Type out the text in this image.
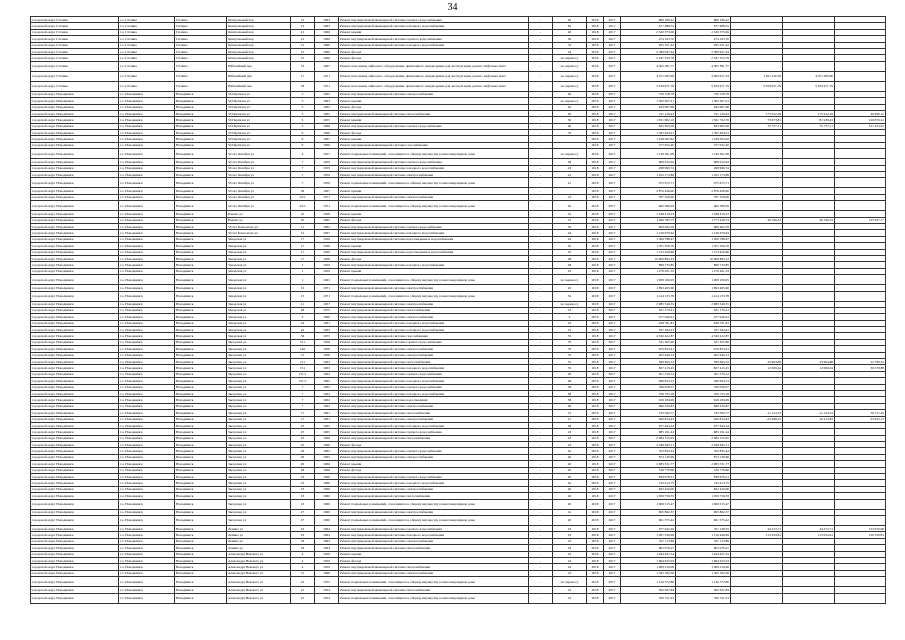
34
городской округ Гатчина	г.о. Гатчина	Гатчина	Центральный пер	13	1963	Ремонт внутридомовой инженерной системы горячего водоснабжения	-	62	2018	2017	869 186,42	869 186,42			
городской округ Гатчина	г.о. Гатчина	Гатчина	Центральный пер	13	1963	Ремонт внутридомовой инженерной системы холодного водоснабжения	-	62	2018	2017	677 688,55	677 688,55			
городской округ Гатчина	г.о. Гатчина	Гатчина	Центральный пер	21	1966	Ремонт крыши	-	46	2018	2017	2 320 373,00	2 320 373,00			
городской округ Гатчина	г.о. Гатчина	Гатчина	Центральный пер	21	1966	Ремонт внутридомовой инженерной системы горячего водоснабжения	-	50	2018	2017	474 193,70	474 193,70			
городской округ Гатчина	г.о. Гатчина	Гатчина	Центральный пер	21	1969	Ремонт внутридомовой инженерной системы холодного водоснабжения	-	33	2018	2017	295 321,42	295 321,42			
городской округ Гатчина	г.о. Гатчина	Гатчина	Центральный пер	21	1966	Ремонт фасада	-	44	2018	2017	2 389 947,24	2 389 947,24			
городской округ Гатчина	г.о. Гатчина	Гатчина	Центральный пер	21	1966	Ремонт фасада	-	по переносу	2018	2017	2 187 335,78	2 187 335,78			
городской округ Гатчина	г.о. Гатчина	Гатчина	Юбилейный пер	13	1967	Ремонт или замена лифтового оборудования, признанного непригодным для эксплуатации, ремонт лифтовых шахт	-	по переносу	2018	2017	4 305 381,77	4 305 381,77			
городской округ Гатчина	г.о. Гатчина	Гатчина	Юбилейный пер	17	1971	Ремонт или замена лифтового оборудования, признанного непригодным для эксплуатации, ремонт лифтовых шахт	-	по переносу	2018	2017	4 071 285,90	3 064 617,54	1 021 220,36	4 071 285,90	
городской округ Гатчина	г.о. Гатчина	Гатчина	Юбилейный пер	18	1971	Ремонт или замена лифтового оборудования, признанного непригодным для эксплуатации, ремонт лифтовых шахт	-	по переносу	2018	2017	5 619 971,79	5 619 971,79	5 619 971,79	5 619 971,79	
городской округ Новодвинск	г.о. Новодвинск	Новодвинск	50 Партизан ул	3	1965	Ремонт внутридомовой инженерной системы электроснабжения	-	40	2018	2017	756 128,78	756 128,78			
городской округ Новодвинск	г.о. Новодвинск	Новодвинск	50 Партизан ул	5	1963	Ремонт крыши	-	по переносу	2018	2017	1 502 207,21	1 502 207,21			
городской округ Новодвинск	г.о. Новодвинск	Новодвинск	50 Партизан ул	5	1965	Ремонт фасада	-	40	2018	2017	943 087,66	943 087,66			
городской округ Новодвинск	г.о. Новодвинск	Новодвинск	50 Партизан ул	5	1965	Ремонт внутридомовой инженерной системы теплоснабжения	-	40	2018	2017	741 129,43	741 129,43	175 612,29	175 612,29	49 996,15
городской округ Новодвинск	г.о. Новодвинск	Новодвинск	50 Партизан ул	5	1955	Ремонт крыши	-	50	2018	2017	1 051 902,16	1 501 752,76	79 673,81	81 930,43	129 876,21
городской округ Новодвинск	г.о. Новодвинск	Новодвинск	50 Партизан ул	5	1968	Ремонт внутридомовой инженерной системы горячего водоснабжения	-	40	2018	2017	845 963,56	845 963,56	55 757,11	55 757,11	121 453,61
городской округ Новодвинск	г.о. Новодвинск	Новодвинск	50 Партизан ул	9	1966	Ремонт фасада	-	70	2018	2017	1 395 494,01	1 395 494,01			
городской округ Новодвинск	г.о. Новодвинск	Новодвинск	50 Партизан ул	9	1967	Ремонт крыши	-		2018	2017	1 168 563,62	1 168 563,62			
городской округ Новодвинск	г.о. Новодвинск	Новодвинск	50 Партизан ул	9	1966	Ремонт внутридомовой инженерной системы газоснабжения	-		2018	2017	277 052,40	277 052,40			
городской округ Новодвинск	г.о. Новодвинск	Новодвинск	50 лет Октября ул	4	1957	Ремонт подвальных помещений, относящихся к общему имуществу в многоквартирном доме	-	по переносу	2018	2017	1 149 391,99	1 149 391,99			
городской округ Новодвинск	г.о. Новодвинск	Новодвинск	50 лет Октября ул	7	1959	Ремонт внутридомовой инженерной системы горячего водоснабжения	-	48	2018	2017	608 612,63	608 612,63			
городской округ Новодвинск	г.о. Новодвинск	Новодвинск	50 лет Октября ул	7	1959	Ремонт внутридомовой инженерной системы холодного водоснабжения	-	43	2018	2017	298 999,72	298 999,72			
городской округ Новодвинск	г.о. Новодвинск	Новодвинск	50 лет Октября ул	7	1959	Ремонт внутридомовой инженерной системы электроснабжения	-	41	2018	2017	1 252 173,89	1 252 173,89			
городской округ Новодвинск	г.о. Новодвинск	Новодвинск	50 лет Октября ул	7	1959	Ремонт подвальных помещений, относящихся к общему имуществу в многоквартирном доме	-	41	2018	2017	975 675,71	975 675,71			
городской округ Новодвинск	г.о. Новодвинск	Новодвинск	50 лет Октября ул	28	1967	Ремонт крыши	-		2018	2017	2 876 428,00	2 876 428,00			
городской округ Новодвинск	г.о. Новодвинск	Новодвинск	50 лет Октября ул	23/1	1971	Ремонт внутридомовой инженерной системы электроснабжения	-	23	2018	2017	787 329,00	787 329,00			
городской округ Новодвинск	г.о. Новодвинск	Новодвинск	50 лет Октября ул	23/1	1971	Ремонт подвальных помещений, относящихся к общему имуществу в многоквартирном доме	-	20	2018	2017	665 389,29	665 389,29			
городской округ Новодвинск	г.о. Новодвинск	Новодвинск	Бажова ул	10	1958	Ремонт крыши	-	22	2018	2017	1 548 419,23	1 548 419,23			
городской округ Новодвинск	г.о. Новодвинск	Новодвинск	Бажова ул	10	1965	Ремонт фасада	-	31	2018	2017	1 269 782,73	1 771 228,73	46 796,33	46 796,33	125 937,77
городской округ Новодвинск	г.о. Новодвинск	Новодвинск	50 лет Комсомола ул	11	1962	Ремонт внутридомовой инженерной системы горячего водоснабжения	-	30	2018	2017	906 462,59	906 462,59			
городской округ Новодвинск	г.о. Новодвинск	Новодвинск	50 лет Комсомола ул	31	1967	Ремонт внутридомовой инженерной системы холодного водоснабжения	-	44	2018	2017	1 136 679,64	1 136 679,64			
городской округ Новодвинск	г.о. Новодвинск	Новодвинск	Заводская ул	17	1936	Ремонт внутридомовой инженерной системы водоотведения и водоснабжения	-	44	2018	2017	1 306 788,47	1 306 788,47			
городской округ Новодвинск	г.о. Новодвинск	Новодвинск	Заводская ул	17	1936	Ремонт крыши	-	45	2018	2017	1 701 356,76	1 701 356,76			
городской округ Новодвинск	г.о. Новодвинск	Новодвинск	Заводская ул	17	1936	Ремонт внутридомовой инженерной системы водоотведения и водоснабжения	-	45	2018	2017	1 153 426,86	1 153 426,86			
городской округ Новодвинск	г.о. Новодвинск	Новодвинск	Заводская ул	17	1958	Ремонт фасада	-	48	2018	2017	10 609 895,23	10 609 895,23			
городской округ Новодвинск	г.о. Новодвинск	Новодвинск	Заводская ул	1	1959	Ремонт внутридомовой инженерной системы холодного водоснабжения	-	48	2018	2017	899 733,85	899 733,85			
городской округ Новодвинск	г.о. Новодвинск	Новодвинск	Заводская ул	1	1959	Ремонт крыши	-	45	2018	2017	1 279 201,33	1 279 201,33			
городской округ Новодвинск	г.о. Новодвинск	Новодвинск	Заводская ул	1	1963	Ремонт подвальных помещений, относящихся к общему имуществу в многоквартирном доме	-	по переносу	2018	2017	1 009 109,05	1 009 109,05			
городской округ Новодвинск	г.о. Новодвинск	Новодвинск	Заводская ул	15	1971	Ремонт внутридомовой инженерной системы электроснабжения	-	20	2018	2017	1 893 465,60	1 893 465,60			
городской округ Новодвинск	г.о. Новодвинск	Новодвинск	Заводская ул	15	1971	Ремонт подвальных помещений, относящихся к общему имуществу в многоквартирном доме	-	32	2018	2017	1 414 133,78	1 414 133,78			
городской округ Новодвинск	г.о. Новодвинск	Новодвинск	Заводская ул	11	1957	Ремонт внутридомовой инженерной системы электроснабжения	-	по переносу	2018	2017	2 985 549,35	2 985 549,35			
городской округ Новодвинск	г.о. Новодвинск	Новодвинск	Заводская ул	28	1975	Ремонт внутридомовой инженерной системы теплоснабжения	-	43	2018	2017	931 179,41	931 179,41			
городской округ Новодвинск	г.о. Новодвинск	Новодвинск	Заводская ул	2	1960	Ремонт внутридомовой инженерной системы электроснабжения	-	2	2018	2017	477 946,91	477 946,91			
городской округ Новодвинск	г.о. Новодвинск	Новодвинск	Заводская ул	24	1961	Ремонт внутридомовой инженерной системы холодного водоснабжения	-	43	2018	2017	638 791,81	638 791,81			
городской округ Новодвинск	г.о. Новодвинск	Новодвинск	Заводская ул	24	1963	Ремонт внутридомовой инженерной системы холодного водоснабжения	-	43	2018	2017	767 562,91	767 562,91			
городской округ Новодвинск	г.о. Новодвинск	Новодвинск	Заводская ул	36	1975	Ремонт внутридомовой инженерной системы газоснабжения	-	55	2018	2017	4 326 422,87	4 326 422,87			
городской округ Новодвинск	г.о. Новодвинск	Новодвинск	Звездочка ул	151	1958	Ремонт внутридомовой инженерной системы горячего водоснабжения	-	70	2018	2017	331 305,66	331 305,66			
городской округ Новодвинск	г.о. Новодвинск	Новодвинск	Звездочка ул	146	1958	Ремонт внутридомовой инженерной системы электроснабжения	-	70	2018	2017	670 853,41	670 853,41			
городской округ Новодвинск	г.о. Новодвинск	Новодвинск	Звездочка ул	15	1958	Ремонт внутридомовой инженерной системы электроснабжения	-	70	2018	2017	405 649,14	405 649,14			
городской округ Новодвинск	г.о. Новодвинск	Новодвинск	Звездочка ул	151	1963	Ремонт внутридомовой инженерной системы теплоснабжения	-	55	2018	2017	569 663,52	569 663,52	23 964,88	23 964,88	22 786,52
городской округ Новодвинск	г.о. Новодвинск	Новодвинск	Звездочка ул	151	1963	Ремонт внутридомовой инженерной системы холодного водоснабжения	-	55	2018	2017	827 415,45	827 415,45	12 069,24	12 069,24	36 278,88
городской округ Новодвинск	г.о. Новодвинск	Новодвинск	Звездочка ул	151/1	1962	Ремонт внутридомовой инженерной системы горячего водоснабжения	-	46	2018	2017	501 576,12	501 576,12			
городской округ Новодвинск	г.о. Новодвинск	Новодвинск	Звездочка ул	151/1	1962	Ремонт внутридомовой инженерной системы холодного водоснабжения	-	46	2018	2017	496 654,13	496 654,13			
городской округ Новодвинск	г.о. Новодвинск	Новодвинск	Звездочка ул	7	1962	Ремонт внутридомовой инженерной системы горячего водоснабжения	-	58	2018	2017	766 058,57	766 058,57			
городской округ Новодвинск	г.о. Новодвинск	Новодвинск	Звездочка ул	7	1962	Ремонт внутридомовой инженерной системы холодного водоснабжения	-	58	2018	2017	706 733,18	706 733,18			
городской округ Новодвинск	г.о. Новодвинск	Новодвинск	Звездочка ул	7	1962	Ремонт внутридомовой инженерной системы водоотведения	-	58	2018	2017	619 184,99	619 184,99			
городской округ Новодвинск	г.о. Новодвинск	Новодвинск	Звездочка ул	7	1962	Ремонт внутридомовой инженерной системы электроснабжения	-	46	2018	2017	690 256,87	690 256,87			
городской округ Новодвинск	г.о. Новодвинск	Новодвинск	Звездочка ул	17	1961	Ремонт внутридомовой инженерной системы теплоснабжения	-	51	2018	2017	743 592,77	743 592,77	-11 124,53	-11 124,53	30 311,29
городской округ Новодвинск	г.о. Новодвинск	Новодвинск	Звездочка ул	17	1961	Ремонт внутридомовой инженерной системы электроснабжения	-	41	2018	2017	620 814,43	620 814,43	-23 468,23	10 413,83	33 052,13
городской округ Новодвинск	г.о. Новодвинск	Новодвинск	Звездочка ул	25	1965	Ремонт внутридомовой инженерной системы холодного водоснабжения	-	48	2018	2017	677 644,34	677 644,34			
городской округ Новодвинск	г.о. Новодвинск	Новодвинск	Звездочка ул	25	1965	Ремонт внутридомовой инженерной системы горячего водоснабжения	-	43	2018	2017	685 191,44	685 191,44			
городской округ Новодвинск	г.о. Новодвинск	Новодвинск	Звездочка ул	25	1966	Ремонт внутридомовой инженерной системы теплоснабжения	-	43	2018	2017	2 084 155,95	2 084 155,95			
городской округ Новодвинск	г.о. Новодвинск	Новодвинск	Звездочка ул	25	1966	Ремонт фасада	-	43	2018	2017	2 049 945,11	2 049 945,11			
городской округ Новодвинск	г.о. Новодвинск	Новодвинск	Звездочка ул	29	1965	Ремонт внутридомовой инженерной системы горячего водоснабжения	-	40	2018	2017	763 835,44	763 835,44			
городской округ Новодвинск	г.о. Новодвинск	Новодвинск	Звездочка ул	29	1965	Ремонт внутридомовой инженерной системы электроснабжения	-	40	2018	2017	874 130,96	874 130,96			
городской округ Новодвинск	г.о. Новодвинск	Новодвинск	Звездочка ул	29	1966	Ремонт крыши	-	40	2018	2017	2 085 531,77	2 085 531,77			
городской округ Новодвинск	г.о. Новодвинск	Новодвинск	Звездочка ул	28	1966	Ремонт фасада	-	40	2018	2017	316 770,66	316 770,66			
городской округ Новодвинск	г.о. Новодвинск	Новодвинск	Звездочка ул	23	1966	Ремонт внутридомовой инженерной системы горячего водоснабжения	-	40	2018	2017	839 978,31	839 978,31			
городской округ Новодвинск	г.о. Новодвинск	Новодвинск	Звездочка ул	23	1966	Ремонт внутридомовой инженерной системы холодного водоснабжения	-	40	2018	2017	743 413,75	743 413,75			
городской округ Новодвинск	г.о. Новодвинск	Новодвинск	Звездочка ул	23	1966	Ремонт внутридомовой инженерной системы электроснабжения	-	40	2018	2017	822 420,00	822 420,00			
городской округ Новодвинск	г.о. Новодвинск	Новодвинск	Звездочка ул	23	1966	Ремонт внутридомовой инженерной системы теплоснабжения	-	40	2018	2017	1 059 756,35	1 059 756,35			
городской округ Новодвинск	г.о. Новодвинск	Новодвинск	Звездочка ул	23	1966	Ремонт подвальных помещений, относящихся к общему имуществу в многоквартирном доме	-	40	2018	2017	1 009 515,47	1 009 515,47			
городской округ Новодвинск	г.о. Новодвинск	Новодвинск	Звездочка ул	27	1960	Ремонт внутридомовой инженерной системы электроснабжения	-	41	2018	2017	695 862,37	695 862,37			
городской округ Новодвинск	г.о. Новодвинск	Новодвинск	Звездочка ул	27	1960	Ремонт подвальных помещений, относящихся к общему имуществу в многоквартирном доме	-	40	2018	2017	961 575,42	961 575,42			
городской округ Новодвинск	г.о. Новодвинск	Новодвинск	Ленина ул	43	1964	Ремонт внутридомовой инженерной системы горячего водоснабжения	-	23	2018	2017	977 042,49	761 138,55	44 272,71	44 272,71	153 970,98
городской округ Новодвинск	г.о. Новодвинск	Новодвинск	Ленина ул	43	1964	Ремонт внутридомовой инженерной системы холодного водоснабжения	-	23	2018	2017	1 097 336,69	1 116 446,99	113 034,61	113 034,61	130 550,81
городской округ Новодвинск	г.о. Новодвинск	Новодвинск	Ленина ул	18	1964	Ремонт внутридомовой инженерной системы электроснабжения	-	43	2018	2017	327 113,89	327 113,89			
городской округ Новодвинск	г.о. Новодвинск	Новодвинск	Ленина ул	18	1964	Ремонт внутридомовой инженерной системы теплоснабжения	-	43	2018	2017	605 076,27	605 076,27			
городской округ Новодвинск	г.о. Новодвинск	Новодвинск	Александра Невского ул	4	1959	Ремонт крыши	-	22	2018	2017	1 944 447,54	1 944 447,54			
городской округ Новодвинск	г.о. Новодвинск	Новодвинск	Александра Невского ул	4	1959	Ремонт фасада	-	22	2018	2017	1 664 625,03	1 664 625,03			
городской округ Новодвинск	г.о. Новодвинск	Новодвинск	Александра Невского ул	4	1959	Ремонт внутридомовой инженерной системы теплоснабжения	-	22	2018	2017	1 009 219,06	1 009 219,06			
городской округ Новодвинск	г.о. Новодвинск	Новодвинск	Александра Невского ул	15	1968	Ремонт внутридомовой инженерной системы электроснабжения	-	23	2018	2017	1 395 182,36	1 395 182,36			
городской округ Новодвинск	г.о. Новодвинск	Новодвинск	Александра Невского ул	22	1975	Ремонт подвальных помещений, относящихся к общему имуществу в многоквартирном доме	-	по переносу	2018	2017	1 120 572,80	1 120 572,80			
городской округ Новодвинск	г.о. Новодвинск	Новодвинск	Александра Невского ул	21	1954	Ремонт внутридомовой инженерной системы теплоснабжения	-	23	2018	2017	562 647,84	562 647,84			
городской округ Новодвинск	г.о. Новодвинск	Новодвинск	Александра Невского ул	21	1954	Ремонт подвальных помещений, относящихся к общему имуществу в многоквартирном доме	-	23	2018	2017	350 511,23	350 511,23			
